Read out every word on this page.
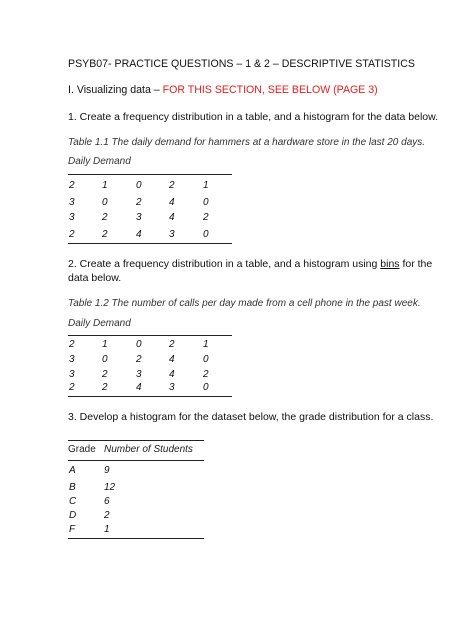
PSYB07- PRACTICE QUESTIONS – 1 & 2 – DESCRIPTIVE STATISTICS
I. Visualizing data – FOR THIS SECTION, SEE BELOW (PAGE 3)
1. Create a frequency distribution in a table, and a histogram for the data below.
Table 1.1 The daily demand for hammers at a hardware store in the last 20 days.
Daily Demand
2	1	0	2	1
3	0	2	4	0
3	2	3	4	2
2	2	4	3	0
2. Create a frequency distribution in a table, and a histogram using bins for the
data below.
Table 1.2 The number of calls per day made from a cell phone in the past week.
Daily Demand
2	1	0	2	1
3	0	2	4	0
3	2	3	4	2
2	2	4	3	0
3. Develop a histogram for the dataset below, the grade distribution for a class.
Grade Number of Students
A	9
B	12
C	6
D	2
F	1
